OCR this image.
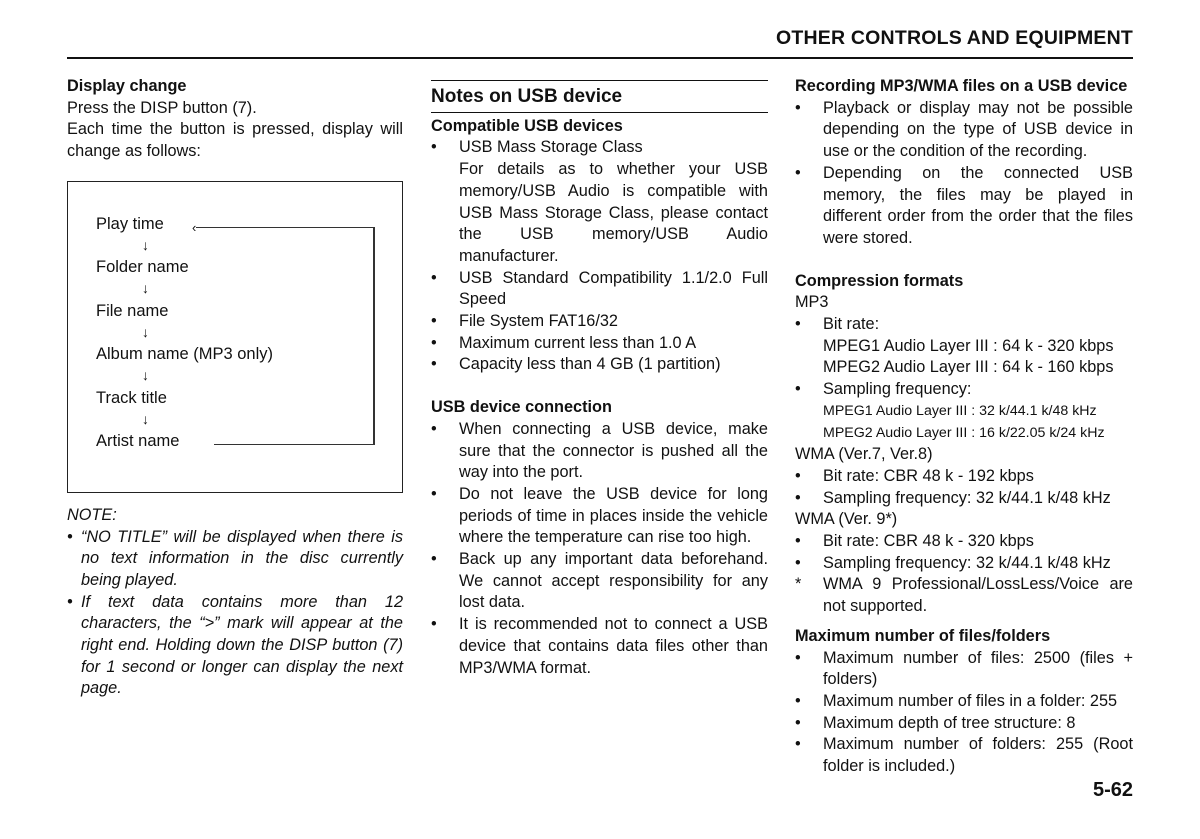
OTHER CONTROLS AND EQUIPMENT
Display change

Press the DISP button (7).

Each time the button is pressed, display will change as follows:

Play time
↓
Folder name
↓
File name
↓
Album name (MP3 only)
↓
Track title
↓
Artist name
‹
NOTE:
• “NO TITLE” will be displayed when there is no text information in the disc currently being played.
• If text data contains more than 12 characters, the “>” mark will appear at the right end. Holding down the DISP button (7) for 1 second or longer can display the next page.
Notes on USB device
Compatible USB devices
• USB Mass Storage Class

For details as to whether your USB memory/USB Audio is compatible with USB Mass Storage Class, please contact the USB memory/USB Audio manufacturer.

• USB Standard Compatibility 1.1/2.0 Full Speed
• File System FAT16/32
• Maximum current less than 1.0 A
• Capacity less than 4 GB (1 partition)
USB device connection
• When connecting a USB device, make sure that the connector is pushed all the way into the port.
• Do not leave the USB device for long periods of time in places inside the vehicle where the temperature can rise too high.
• Back up any important data beforehand. We cannot accept responsibility for any lost data.
• It is recommended not to connect a USB device that contains data files other than MP3/WMA format.
Recording MP3/WMA files on a USB device
• Playback or display may not be possible depending on the type of USB device in use or the condition of the recording.
• Depending on the connected USB memory, the files may be played in different order from the order that the files were stored.
Compression formats
MP3
• Bit rate:
MPEG1 Audio Layer III : 64 k - 320 kbps
MPEG2 Audio Layer III : 64 k - 160 kbps
• Sampling frequency:
MPEG1 Audio Layer III : 32 k/44.1 k/48 kHz
MPEG2 Audio Layer III : 16 k/22.05 k/24 kHz
WMA (Ver.7, Ver.8)
• Bit rate: CBR 48 k - 192 kbps
• Sampling frequency: 32 k/44.1 k/48 kHz
WMA (Ver. 9*)
• Bit rate: CBR 48 k - 320 kbps
• Sampling frequency: 32 k/44.1 k/48 kHz
* WMA 9 Professional/LossLess/Voice are not supported.
Maximum number of files/folders
• Maximum number of files: 2500 (files + folders)
• Maximum number of files in a folder: 255
• Maximum depth of tree structure: 8
• Maximum number of folders: 255 (Root folder is included.)
5-62
